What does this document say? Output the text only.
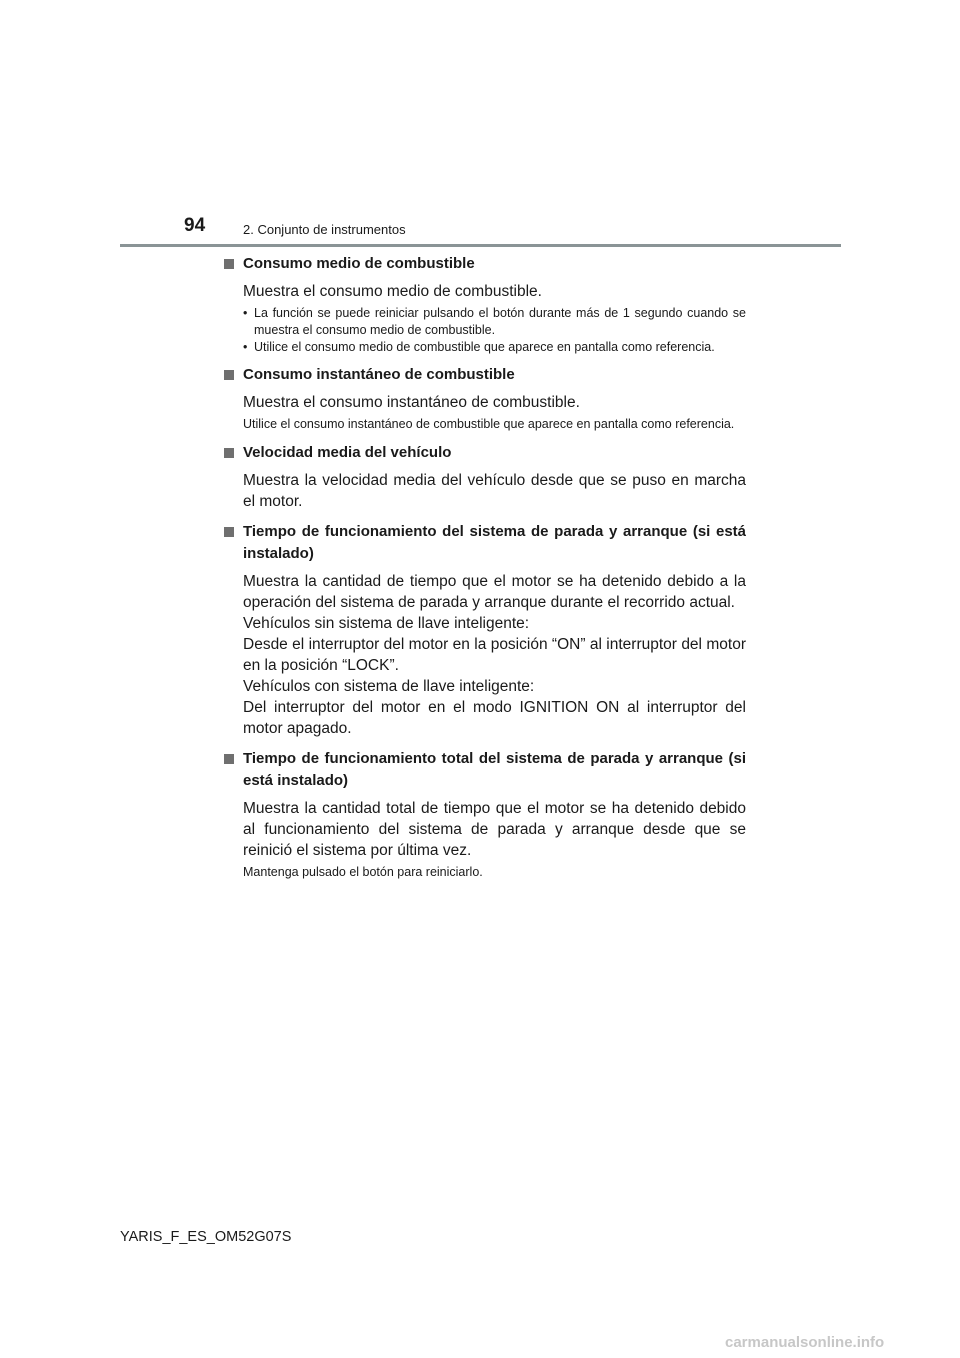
94	2. Conjunto de instrumentos
Consumo medio de combustible

Muestra el consumo medio de combustible.

• La función se puede reiniciar pulsando el botón durante más de 1 segundo cuando se muestra el consumo medio de combustible.
• Utilice el consumo medio de combustible que aparece en pantalla como referencia.
Consumo instantáneo de combustible

Muestra el consumo instantáneo de combustible.

Utilice el consumo instantáneo de combustible que aparece en pantalla como referencia.

Velocidad media del vehículo

Muestra la velocidad media del vehículo desde que se puso en marcha el motor.

Tiempo de funcionamiento del sistema de parada y arranque (si está instalado)

Muestra la cantidad de tiempo que el motor se ha detenido debido a la operación del sistema de parada y arranque durante el recorrido actual.

Vehículos sin sistema de llave inteligente:

Desde el interruptor del motor en la posición “ON” al interruptor del motor en la posición “LOCK”.

Vehículos con sistema de llave inteligente:

Del interruptor del motor en el modo IGNITION ON al interruptor del motor apagado.

Tiempo de funcionamiento total del sistema de parada y arranque (si está instalado)

Muestra la cantidad total de tiempo que el motor se ha detenido debido al funcionamiento del sistema de parada y arranque desde que se reinició el sistema por última vez.

Mantenga pulsado el botón para reiniciarlo.

YARIS_F_ES_OM52G07S
carmanualsonline.info
